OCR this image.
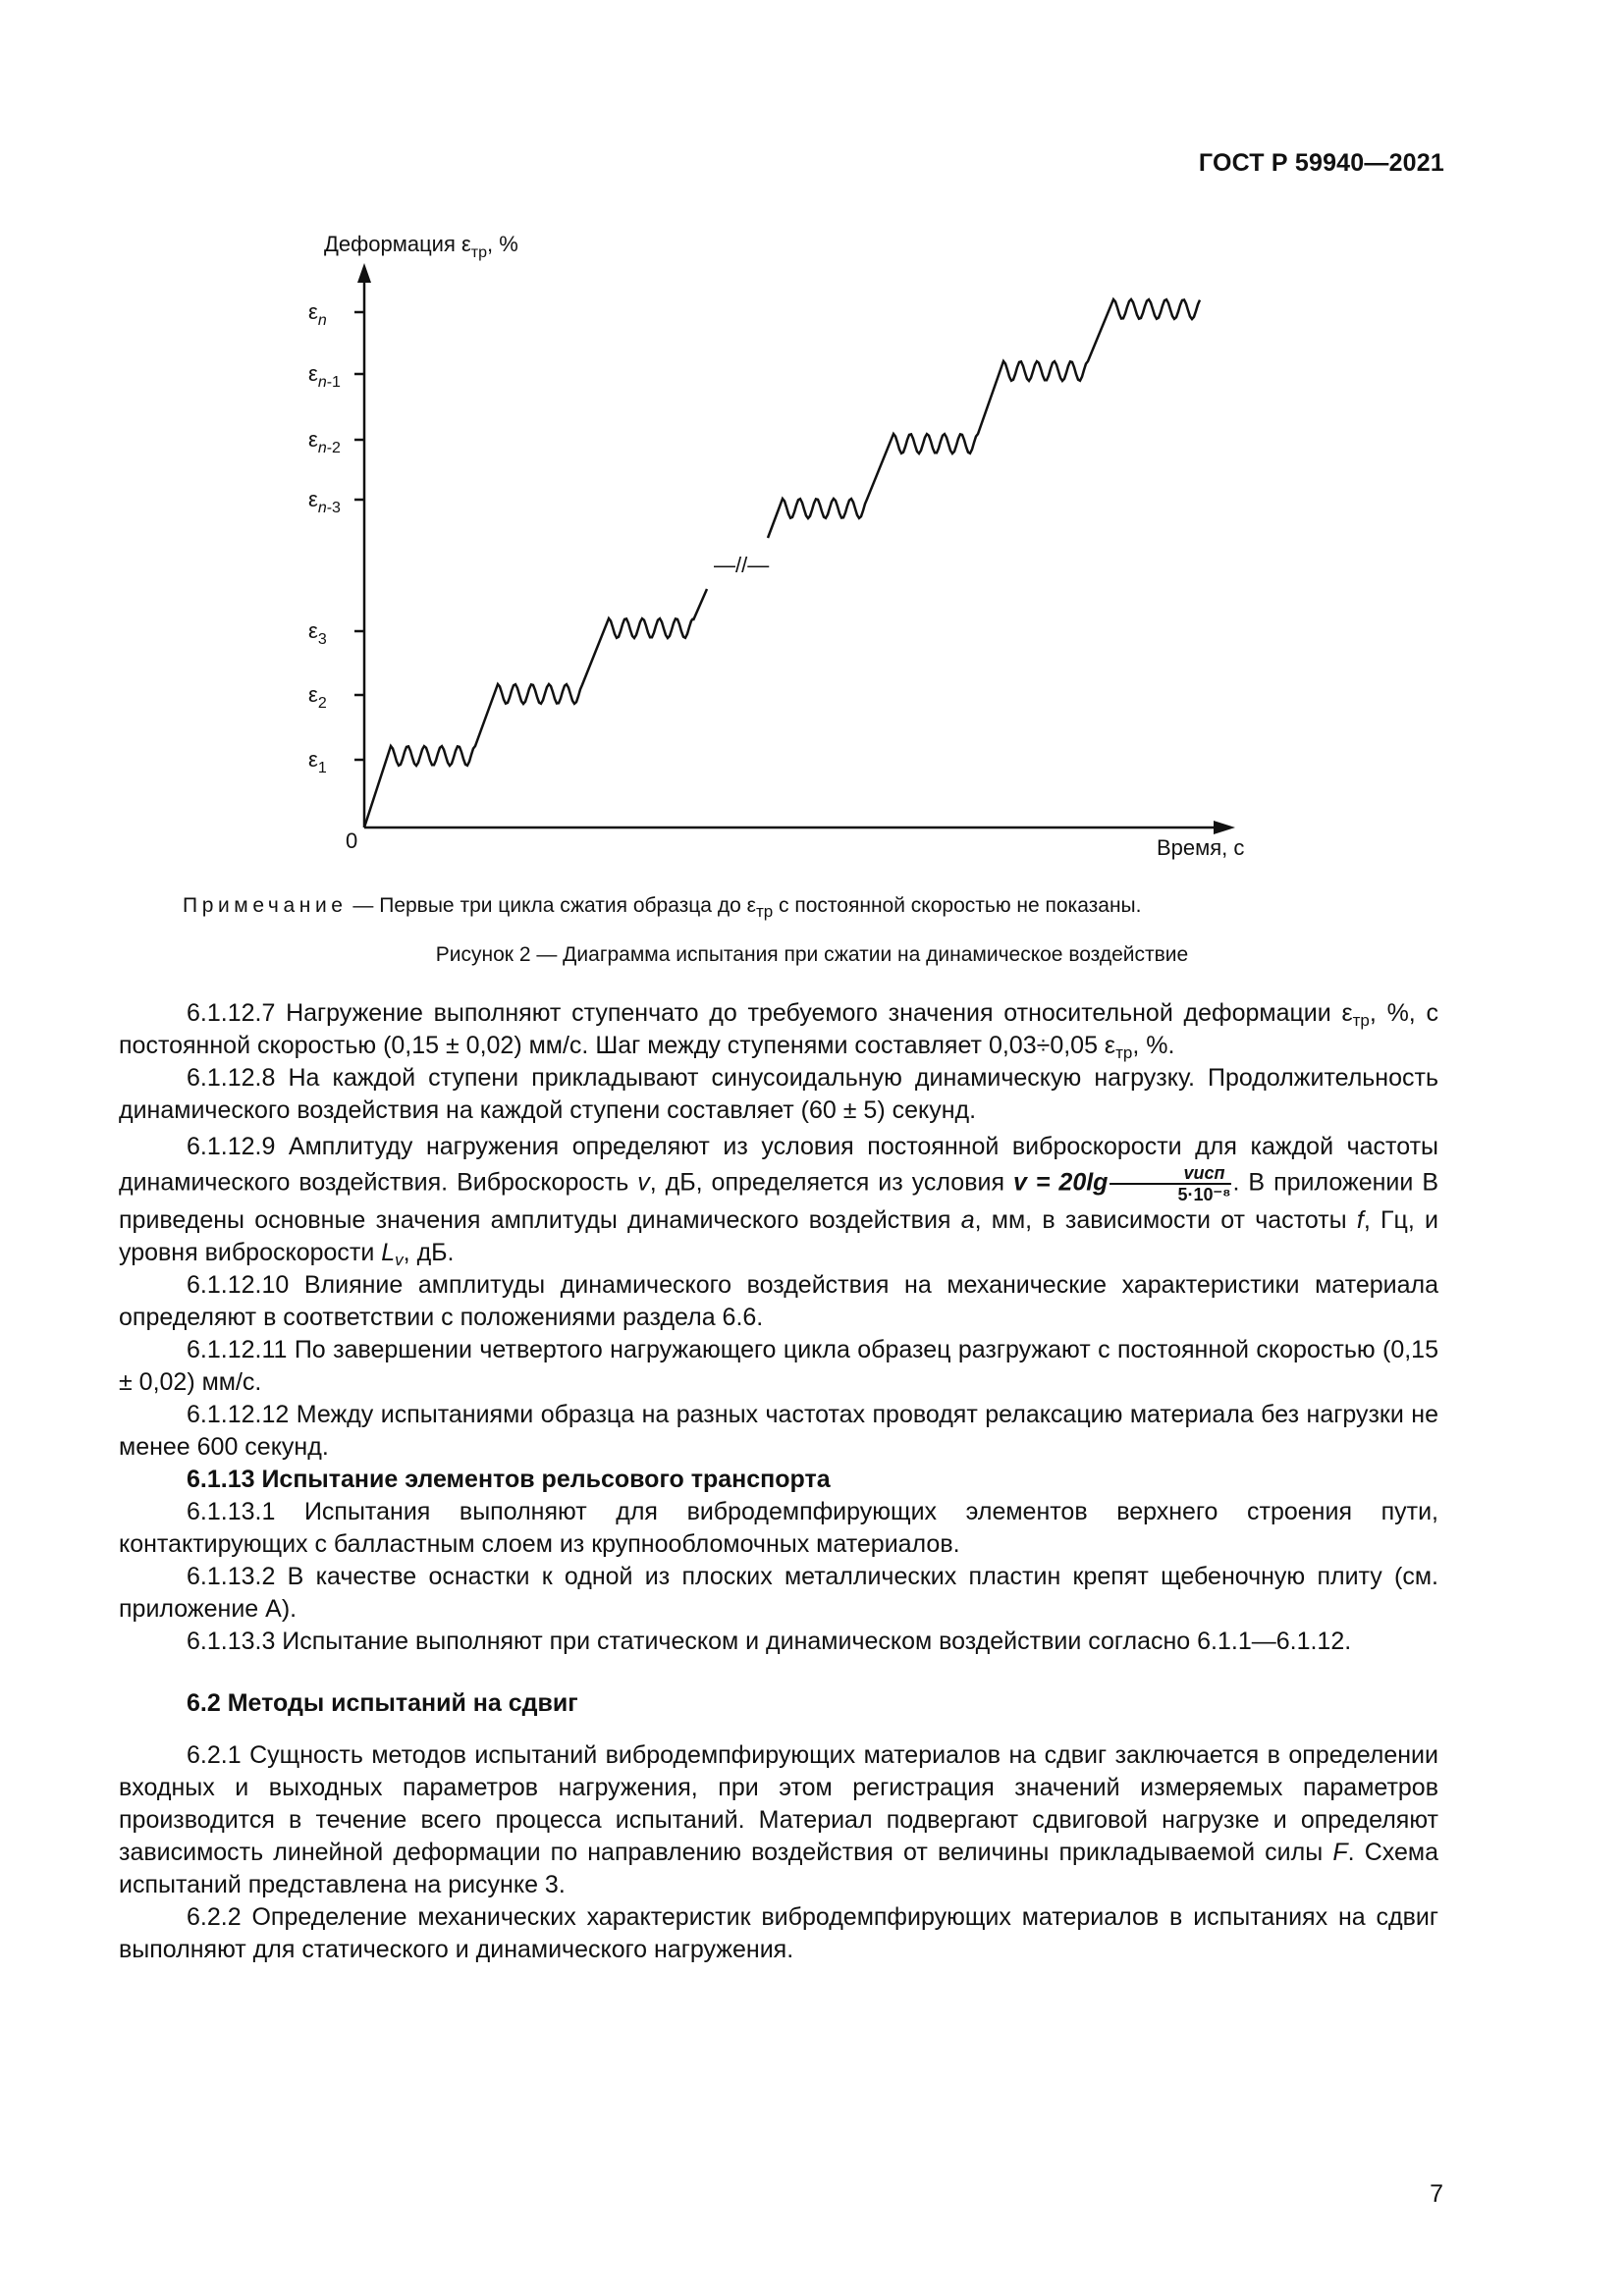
ГОСТ Р 59940—2021
Деформация $\varepsilon_{тр}$, %
Время, с
0
—//—
$\varepsilon_n$
$\varepsilon_{n-1}$
$\varepsilon_{n-2}$
$\varepsilon_{n-3}$
$\varepsilon_3$
$\varepsilon_2$
$\varepsilon_1$
Примечание — Первые три цикла сжатия образца до $\varepsilon_{тр}$ с постоянной скоростью не показаны.
Рисунок 2 — Диаграмма испытания при сжатии на динамическое воздействие

6.1.12.7 Нагружение выполняют ступенчато до требуемого значения относительной деформации $\varepsilon_{тр}$, %, с постоянной скоростью (0,15 ± 0,02) мм/с. Шаг между ступенями составляет 0,03÷0,05 $\varepsilon_{тр}$, %.

6.1.12.8 На каждой ступени прикладывают синусоидальную динамическую нагрузку. Продолжительность динамического воздействия на каждой ступени составляет (60 ± 5) секунд.

6.1.12.9 Амплитуду нагружения определяют из условия постоянной виброскорости для каждой частоты динамического воздействия. Виброскорость v, дБ, определяется из условия $v = 20\lg \frac{\text{vисп}}{\text{5·10⁻⁸}}$ . В приложении В приведены основные значения амплитуды динамического воздействия a, мм, в зависимости от частоты f, Гц, и уровня виброскорости $L_v$, дБ.

6.1.12.10 Влияние амплитуды динамического воздействия на механические характеристики материала определяют в соответствии с положениями раздела 6.6.

6.1.12.11 По завершении четвертого нагружающего цикла образец разгружают с постоянной скоростью (0,15 ± 0,02) мм/с.

6.1.12.12 Между испытаниями образца на разных частотах проводят релаксацию материала без нагрузки не менее 600 секунд.

6.1.13 Испытание элементов рельсового транспорта

6.1.13.1 Испытания выполняют для вибродемпфирующих элементов верхнего строения пути, контактирующих с балластным слоем из крупнообломочных материалов.

6.1.13.2 В качестве оснастки к одной из плоских металлических пластин крепят щебеночную плиту (см. приложение А).

6.1.13.3 Испытание выполняют при статическом и динамическом воздействии согласно 6.1.1—6.1.12.

6.2 Методы испытаний на сдвиг

6.2.1 Сущность методов испытаний вибродемпфирующих материалов на сдвиг заключается в определении входных и выходных параметров нагружения, при этом регистрация значений измеряемых параметров производится в течение всего процесса испытаний. Материал подвергают сдвиговой нагрузке и определяют зависимость линейной деформации по направлению воздействия от величины прикладываемой силы F. Схема испытаний представлена на рисунке 3.

6.2.2 Определение механических характеристик вибродемпфирующих материалов в испытаниях на сдвиг выполняют для статического и динамического нагружения.

7
